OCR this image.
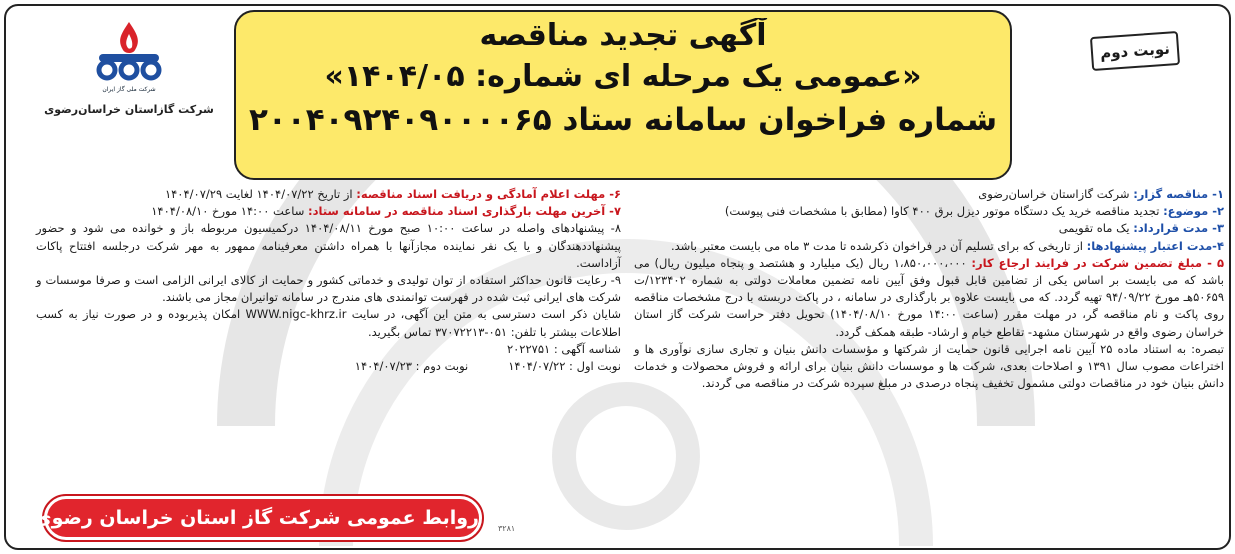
شرکت ملی گاز ایران
شرکت گازاستان خراسان‌رضوی
آگهی تجدید مناقصه
«عمومی یک مرحله ای شماره: ۱۴۰۴/۰۵»
شماره فراخوان سامانه ستاد ۲۰۰۴۰۹۲۴۰۹۰۰۰۰۶۵
نوبت دوم

۱- مناقصه گزار: شرکت گازاستان خراسان‌رضوی

۲- موضوع: تجدید مناقصه خرید یک دستگاه موتور دیزل برق ۴۰۰ کاوا (مطابق با مشخصات فنی پیوست)

۳- مدت قرارداد: یک ماه تقویمی

۴-مدت اعتبار پیشنهادها: از تاریخی که برای تسلیم آن در فراخوان ذکرشده تا مدت ۳ ماه می بایست معتبر باشد.

۵ - مبلغ تضمین شرکت در فرایند ارجاع کار: ۱،۸۵۰،۰۰۰،۰۰۰ ریال (یک میلیارد و هشتصد و پنجاه میلیون ریال) می باشد که می بایست بر اساس یکی از تضامین قابل قبول وفق آیین نامه تضمین معاملات دولتی به شماره ۱۲۳۴۰۲/ت ۵۰۶۵۹هـ مورخ ۹۴/۰۹/۲۲ تهیه گردد. که می بایست علاوه بر بارگذاری در سامانه ، در پاکت دربسته با درج مشخصات مناقصه روی پاکت و نام مناقصه گر، در مهلت مقرر (ساعت ۱۴:۰۰ مورخ ۱۴۰۴/۰۸/۱۰) تحویل دفتر حراست شرکت گاز استان خراسان رضوی واقع در شهرستان مشهد- تقاطع خیام و ارشاد- طبقه همکف گردد.

تبصره: به استناد ماده ۲۵ آیین نامه اجرایی قانون حمایت از شرکتها و مؤسسات دانش بنیان و تجاری سازی نوآوری ها و اختراعات مصوب سال ۱۳۹۱ و اصلاحات بعدی، شرکت ها و موسسات دانش بنیان برای ارائه و فروش محصولات و خدمات دانش بنیان خود در مناقصات دولتی مشمول تخفیف پنجاه درصدی در مبلغ سپرده شرکت در مناقصه می گردند.

۶- مهلت اعلام آمادگی و دریافت اسناد مناقصه: از تاریخ ۱۴۰۴/۰۷/۲۲ لغایت ۱۴۰۴/۰۷/۲۹

۷- آخرین مهلت بارگذاری اسناد مناقصه در سامانه ستاد: ساعت ۱۴:۰۰ مورخ ۱۴۰۴/۰۸/۱۰

۸- پیشنهادهای واصله در ساعت ۱۰:۰۰ صبح مورخ ۱۴۰۴/۰۸/۱۱ درکمیسیون مربوطه باز و خوانده می شود و حضور پیشنهاددهندگان و یا یک نفر نماینده مجازآنها با همراه داشتن معرفینامه ممهور به مهر شرکت درجلسه افتتاح پاکات آزاداست.

۹- رعایت قانون حداکثر استفاده از توان تولیدی و خدماتی کشور و حمایت از کالای ایرانی الزامی است و صرفا موسسات و شرکت های ایرانی ثبت شده در فهرست توانمندی های مندرج در سامانه توانیران مجاز می باشند.

شایان ذکر است دسترسی به متن این آگهی، در سایت WWW.nigc-khrz.ir امکان پذیربوده و در صورت نیاز به کسب اطلاعات بیشتر با تلفن: ۰۵۱-۳۷۰۷۲۲۱۳ تماس بگیرید.

شناسه آگهی : ۲۰۲۲۷۵۱

نوبت اول : ۱۴۰۴/۰۷/۲۲
نوبت دوم : ۱۴۰۴/۰۷/۲۳
روابط عمومی شرکت گاز استان خراسان رضوی ۳۲۸۱
